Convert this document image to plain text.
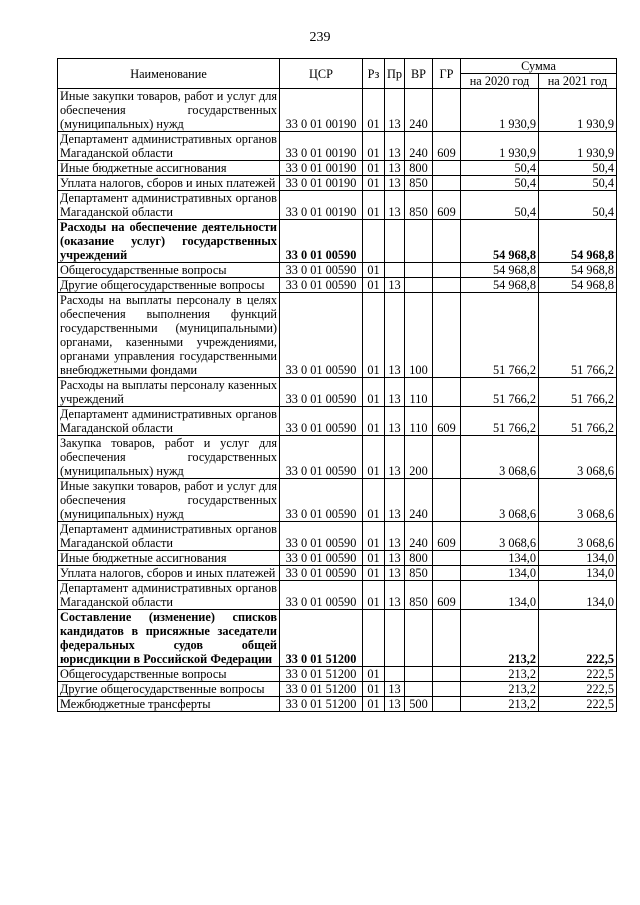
239
Наименование	ЦСР	Рз	Пр	ВР	ГР	Сумма	
						на 2020 год	на 2021 год
Иные закупки товаров, работ и услуг для обеспечения государственных (муниципальных) нужд	33 0 01 00190	01	13	240		1 930,9	1 930,9
Департамент административных органов Магаданской области	33 0 01 00190	01	13	240	609	1 930,9	1 930,9
Иные бюджетные ассигнования	33 0 01 00190	01	13	800		50,4	50,4
Уплата налогов, сборов и иных платежей	33 0 01 00190	01	13	850		50,4	50,4
Департамент административных органов Магаданской области	33 0 01 00190	01	13	850	609	50,4	50,4
Расходы на обеспечение деятельности (оказание услуг) государственных учреждений	33 0 01 00590					54 968,8	54 968,8
Общегосударственные вопросы	33 0 01 00590	01				54 968,8	54 968,8
Другие общегосударственные вопросы	33 0 01 00590	01	13			54 968,8	54 968,8
Расходы на выплаты персоналу в целях обеспечения выполнения функций государственными (муниципальными) органами, казенными учреждениями, органами управления государственными внебюджетными фондами	33 0 01 00590	01	13	100		51 766,2	51 766,2
Расходы на выплаты персоналу казенных учреждений	33 0 01 00590	01	13	110		51 766,2	51 766,2
Департамент административных органов Магаданской области	33 0 01 00590	01	13	110	609	51 766,2	51 766,2
Закупка товаров, работ и услуг для обеспечения государственных (муниципальных) нужд	33 0 01 00590	01	13	200		3 068,6	3 068,6
Иные закупки товаров, работ и услуг для обеспечения государственных (муниципальных) нужд	33 0 01 00590	01	13	240		3 068,6	3 068,6
Департамент административных органов Магаданской области	33 0 01 00590	01	13	240	609	3 068,6	3 068,6
Иные бюджетные ассигнования	33 0 01 00590	01	13	800		134,0	134,0
Уплата налогов, сборов и иных платежей	33 0 01 00590	01	13	850		134,0	134,0
Департамент административных органов Магаданской области	33 0 01 00590	01	13	850	609	134,0	134,0
Составление (изменение) списков кандидатов в присяжные заседатели федеральных судов общей юрисдикции в Российской Федерации	33 0 01 51200					213,2	222,5
Общегосударственные вопросы	33 0 01 51200	01				213,2	222,5
Другие общегосударственные вопросы	33 0 01 51200	01	13			213,2	222,5
Межбюджетные трансферты	33 0 01 51200	01	13	500		213,2	222,5
